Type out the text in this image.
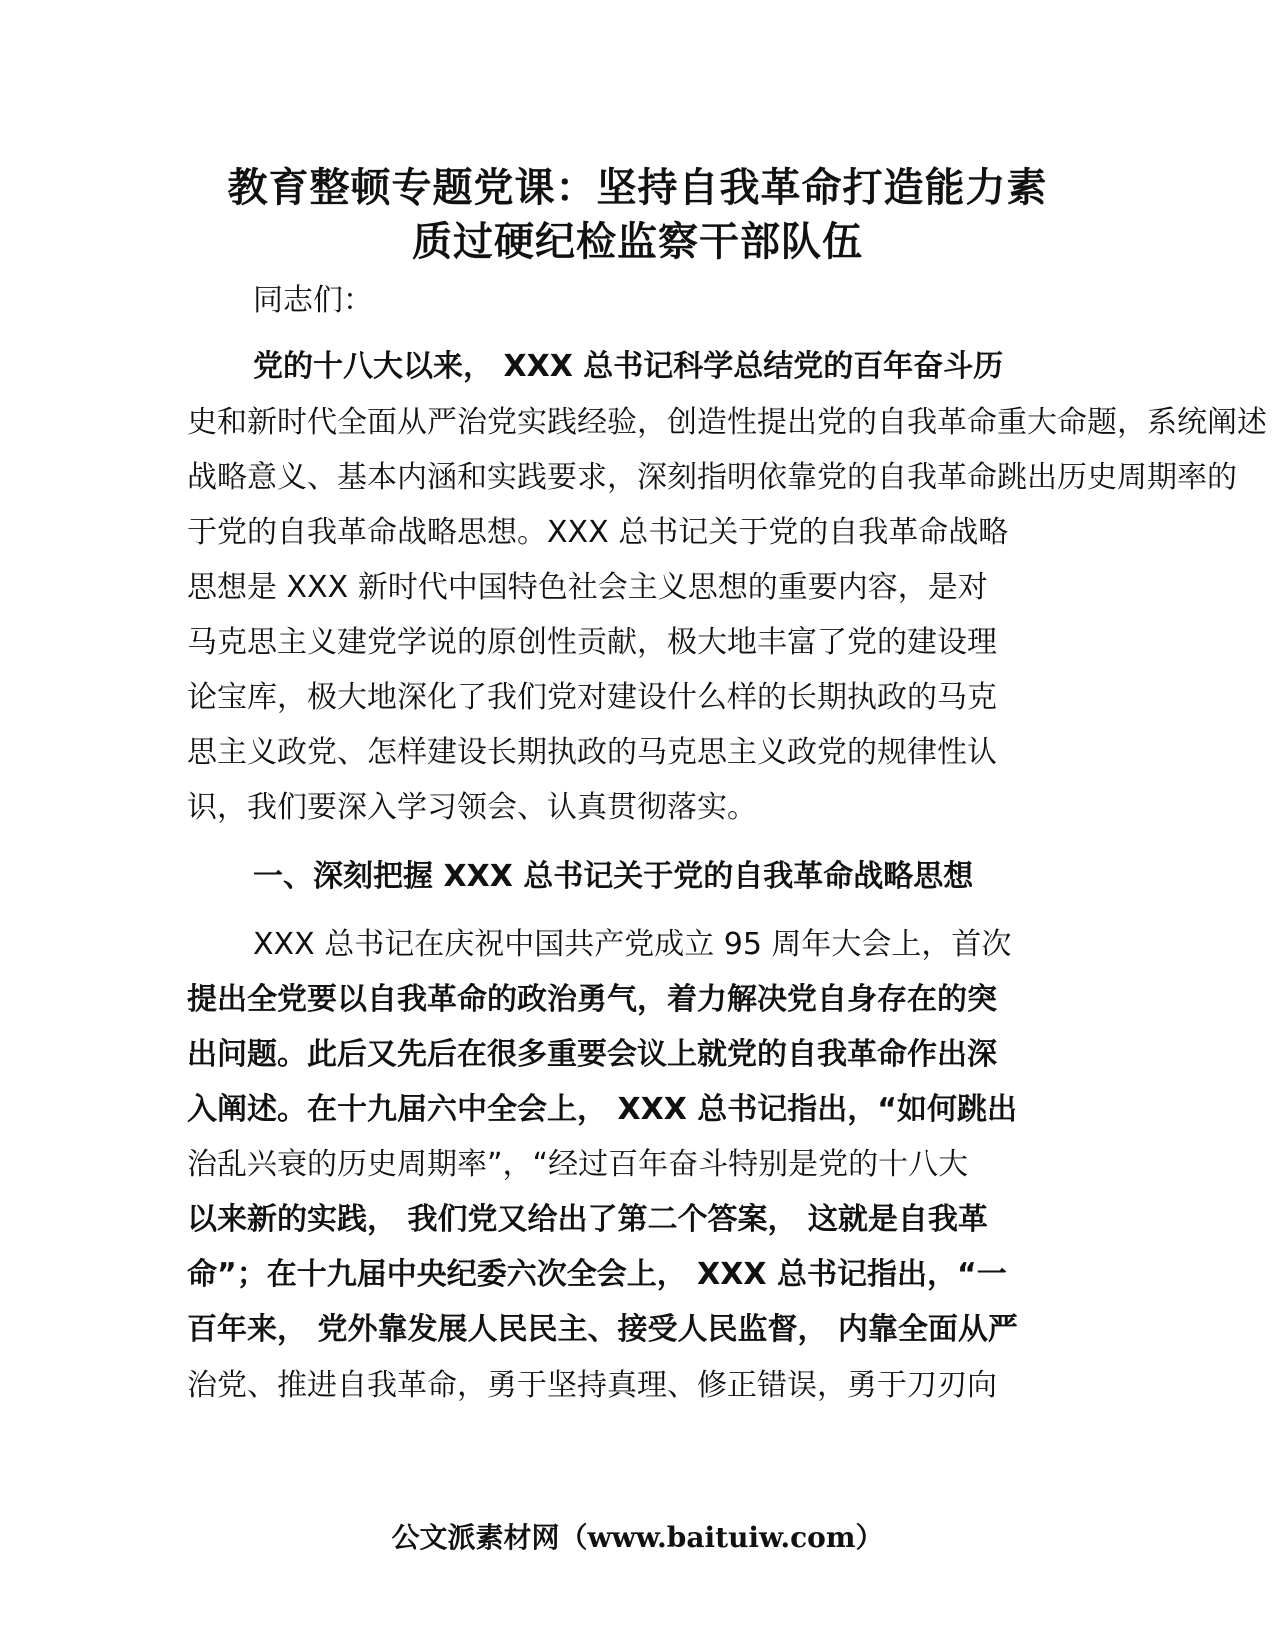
教育整顿专题党课：坚持自我革命打造能力素
质过硬纪检监察干部队伍
同志们：
党的十八大以来， XXX 总书记科学总结党的百年奋斗历
史和新时代全面从严治党实践经验，创造性提出党的自我革命重大命题，系统阐述
战略意义、基本内涵和实践要求，深刻指明依靠党的自我革命跳出历史周期率的
于党的自我革命战略思想。XXX 总书记关于党的自我革命战略
思想是 XXX 新时代中国特色社会主义思想的重要内容，是对
马克思主义建党学说的原创性贡献，极大地丰富了党的建设理
论宝库，极大地深化了我们党对建设什么样的长期执政的马克
思主义政党、怎样建设长期执政的马克思主义政党的规律性认
识，我们要深入学习领会、认真贯彻落实。
一、深刻把握 XXX 总书记关于党的自我革命战略思想
XXX 总书记在庆祝中国共产党成立 95 周年大会上，首次
提出全党要以自我革命的政治勇气，着力解决党自身存在的突
出问题。此后又先后在很多重要会议上就党的自我革命作出深
入阐述。在十九届六中全会上， XXX 总书记指出，“如何跳出
治乱兴衰的历史周期率”，“经过百年奋斗特别是党的十八大
以来新的实践， 我们党又给出了第二个答案， 这就是自我革
命”；在十九届中央纪委六次全会上， XXX 总书记指出，“一
百年来， 党外靠发展人民民主、接受人民监督， 内靠全面从严
治党、推进自我革命，勇于坚持真理、修正错误，勇于刀刃向
公文派素材网（www.baituiw.com）
